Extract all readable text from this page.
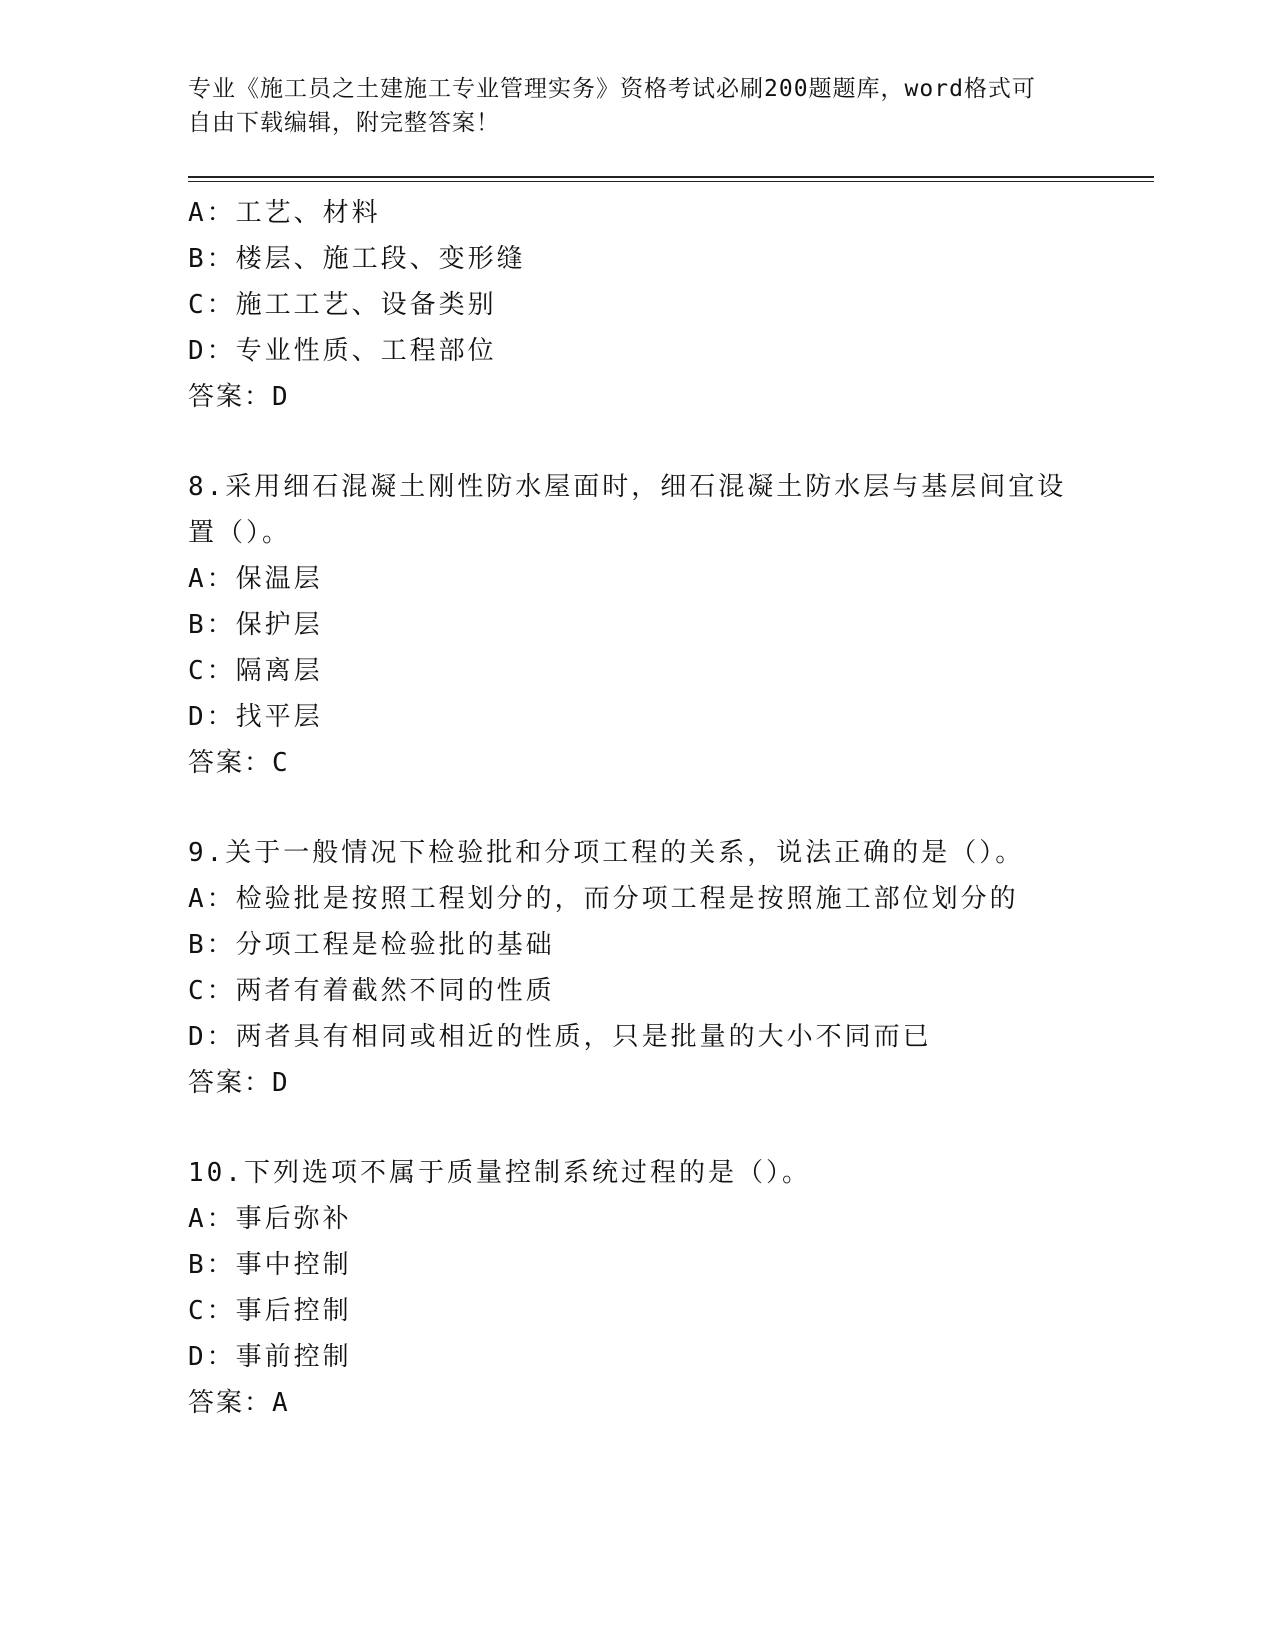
专业《施工员之土建施工专业管理实务》资格考试必刷200题题库，word格式可
自由下载编辑，附完整答案！
A：工艺、材料
B：楼层、施工段、变形缝
C：施工工艺、设备类别
D：专业性质、工程部位
答案：D
8.采用细石混凝土刚性防水屋面时，细石混凝土防水层与基层间宜设
置（）。
A：保温层
B：保护层
C：隔离层
D：找平层
答案：C
9.关于一般情况下检验批和分项工程的关系，说法正确的是（）。
A：检验批是按照工程划分的，而分项工程是按照施工部位划分的
B：分项工程是检验批的基础
C：两者有着截然不同的性质
D：两者具有相同或相近的性质，只是批量的大小不同而已
答案：D
10.下列选项不属于质量控制系统过程的是（）。
A：事后弥补
B：事中控制
C：事后控制
D：事前控制
答案：A
